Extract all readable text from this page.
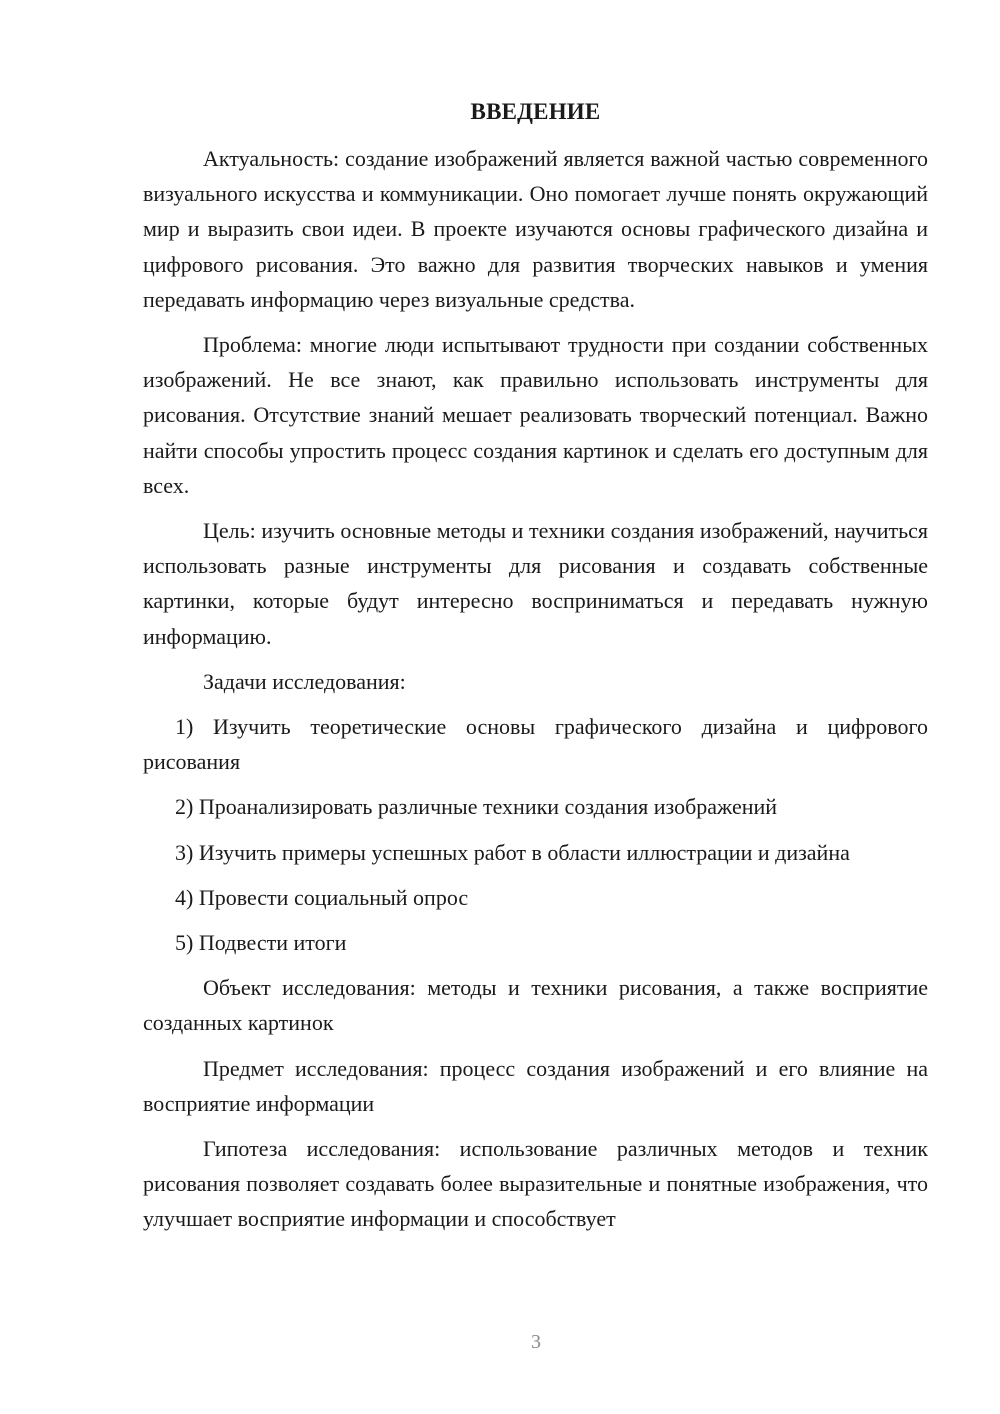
ВВЕДЕНИЕ

Актуальность: создание изображений является важной частью современного визуального искусства и коммуникации. Оно помогает лучше понять окружающий мир и выразить свои идеи. В проекте изучаются основы графического дизайна и цифрового рисования. Это важно для развития творческих навыков и умения передавать информацию через визуальные средства.

Проблема: многие люди испытывают трудности при создании собственных изображений. Не все знают, как правильно использовать инструменты для рисования. Отсутствие знаний мешает реализовать творческий потенциал. Важно найти способы упростить процесс создания картинок и сделать его доступным для всех.

Цель: изучить основные методы и техники создания изображений, научиться использовать разные инструменты для рисования и создавать собственные картинки, которые будут интересно восприниматься и передавать нужную информацию.

Задачи исследования:

1) Изучить теоретические основы графического дизайна и цифрового рисования

2) Проанализировать различные техники создания изображений

3) Изучить примеры успешных работ в области иллюстрации и дизайна

4) Провести социальный опрос

5) Подвести итоги

Объект исследования: методы и техники рисования, а также восприятие созданных картинок

Предмет исследования: процесс создания изображений и его влияние на восприятие информации

Гипотеза исследования: использование различных методов и техник рисования позволяет создавать более выразительные и понятные изображения, что улучшает восприятие информации и способствует

3
